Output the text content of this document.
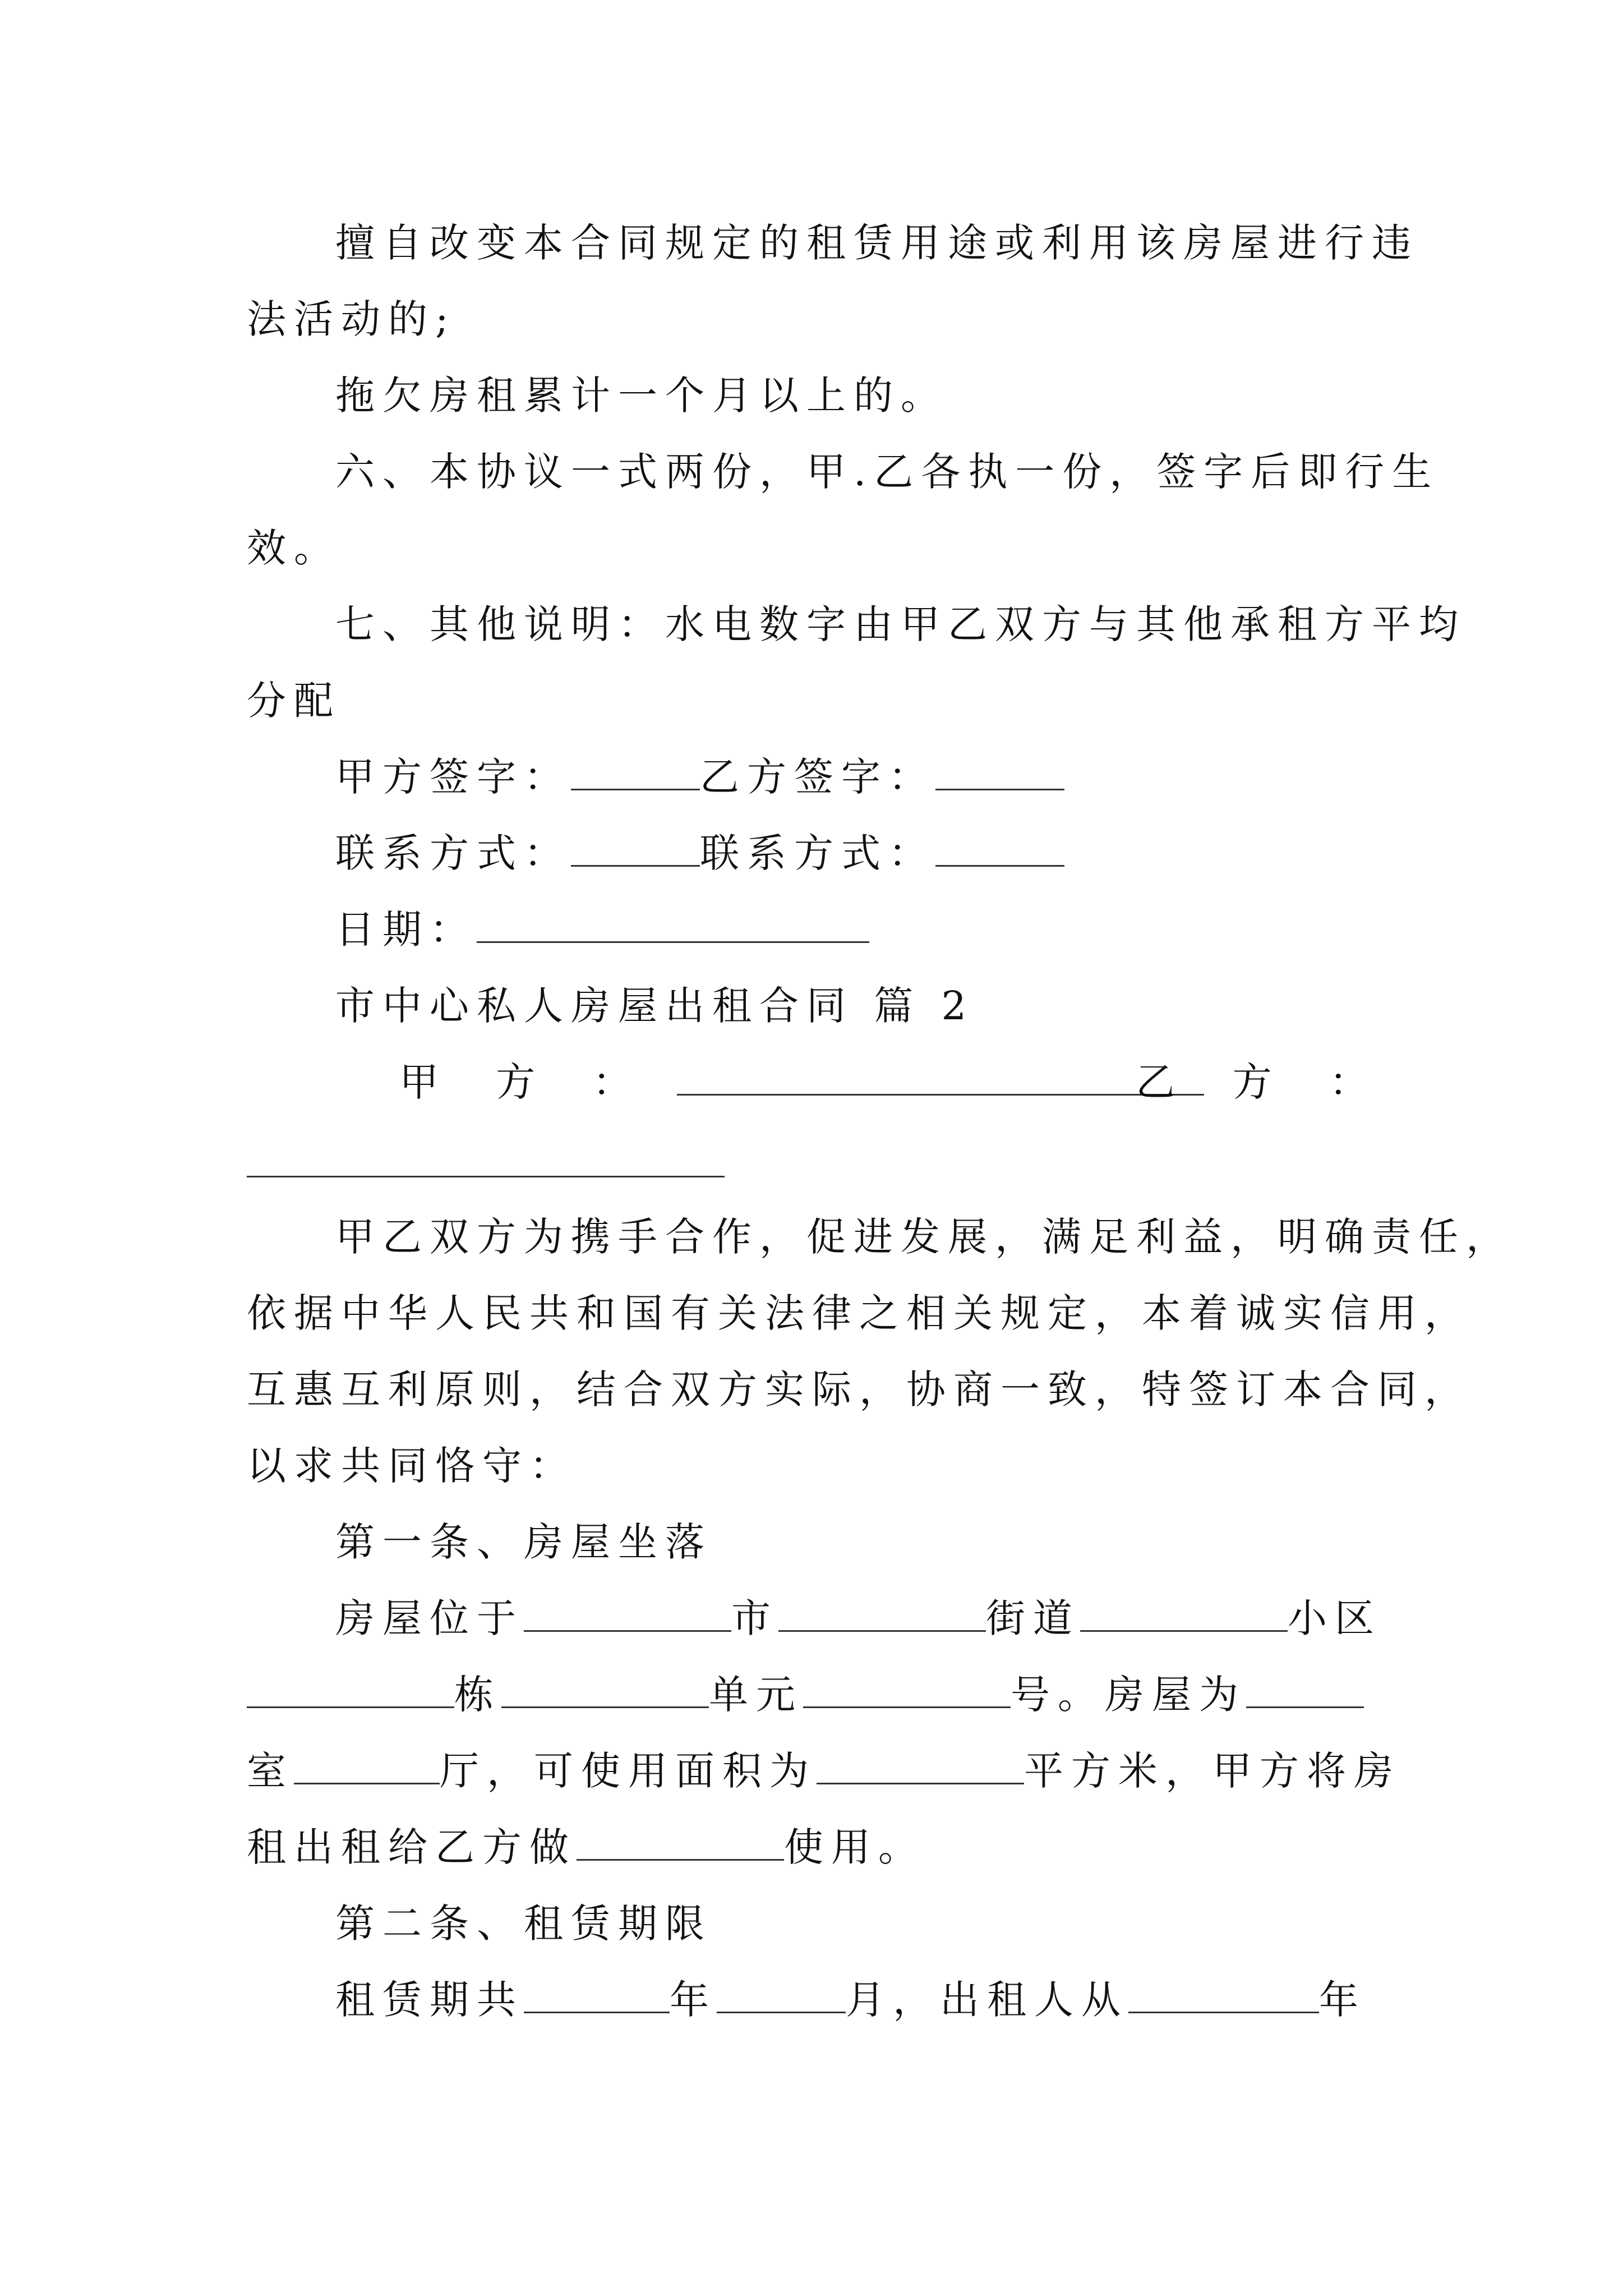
擅自改变本合同规定的租赁用途或利用该房屋进行违
法活动的;
拖欠房租累计一个月以上的。
六、本协议一式两份，甲.乙各执一份，签字后即行生
效。
七、其他说明：水电数字由甲乙双方与其他承租方平均
分配
甲方签字：	乙方签字：
联系方式：	联系方式：
日期：
市中心私人房屋出租合同 篇 2
甲 方 ：	乙 方 ：
甲乙双方为携手合作，促进发展，满足利益，明确责任，
依据中华人民共和国有关法律之相关规定，本着诚实信用，
互惠互利原则，结合双方实际，协商一致，特签订本合同，
以求共同恪守：
第一条、房屋坐落
房屋位于	市	街道	小区
栋	单元	号。房屋为
室	厅，可使用面积为	平方米，甲方将房
租出租给乙方做	使用。
第二条、租赁期限
租赁期共	年	月，出租人从	年
